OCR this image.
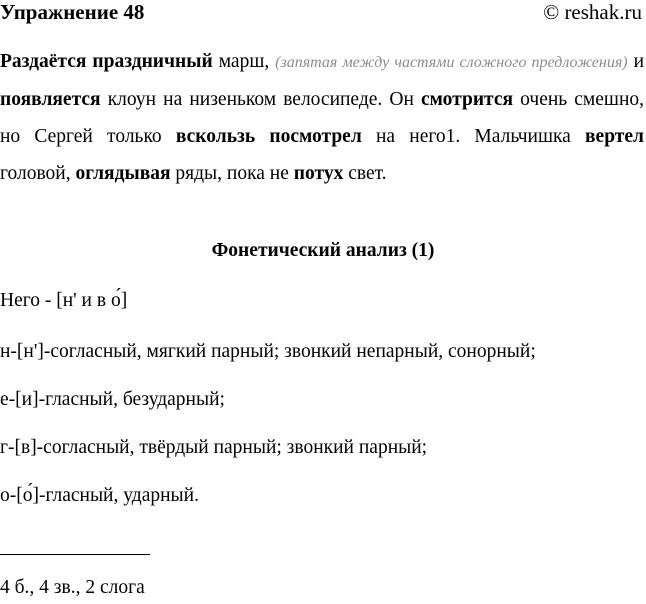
Упражнение 48	© reshak.ru
Раздаётся праздничный марш, (запятая между частями сложного предложения) и появляется клоун на низеньком велосипеде. Он смотрится очень смешно, но Сергей только вскользь посмотрел на него1. Мальчишка вертел головой, оглядывая ряды, пока не потух свет.
Фонетический анализ (1)
Него - [н' и в о́]
н-[н']-согласный, мягкий парный; звонкий непарный, сонорный;
е-[и]-гласный, безударный;
г-[в]-согласный, твёрдый парный; звонкий парный;
о-[о́]-гласный, ударный.
4 б., 4 зв., 2 слога
